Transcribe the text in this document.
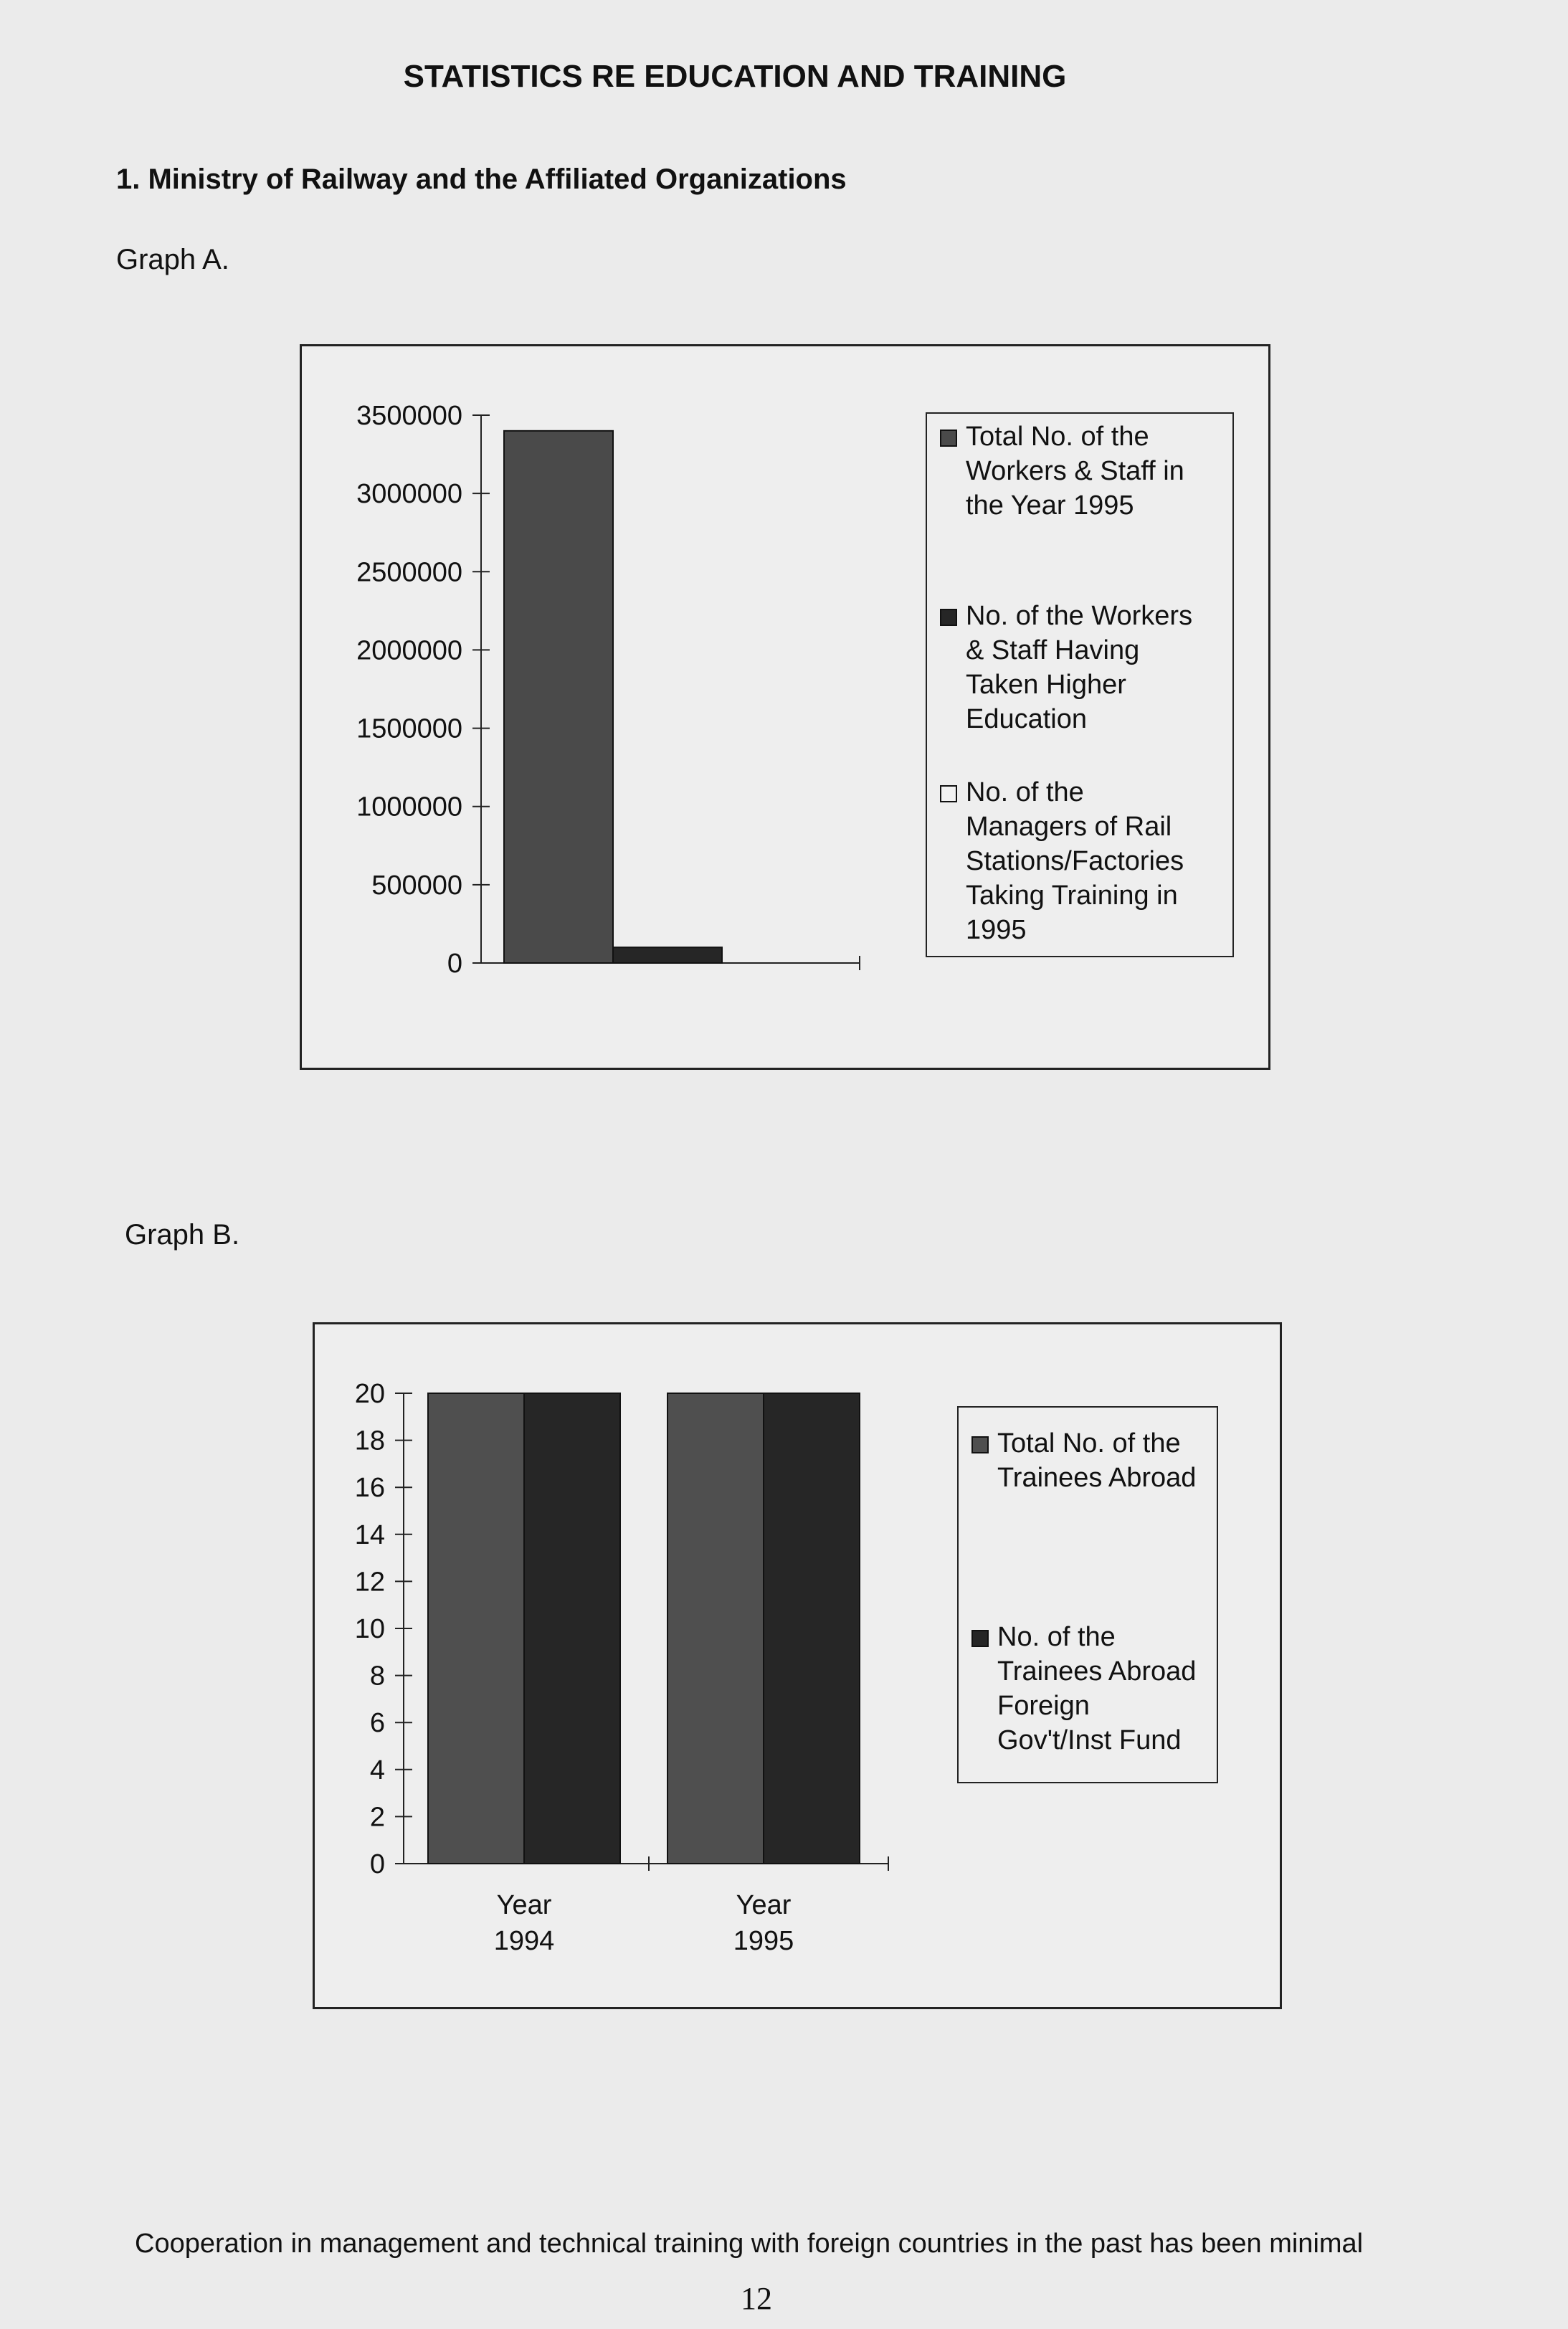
STATISTICS RE EDUCATION AND TRAINING
1. Ministry of Railway and the Affiliated Organizations
Graph A.
3500000
3000000
2500000
2000000
1500000
1000000
500000
0
Total No. of the
Workers & Staff in
the Year 1995
No. of the Workers
& Staff Having
Taken Higher
Education
No. of the
Managers of Rail
Stations/Factories
Taking Training in
1995
Graph B.
20
18
16
14
12
10
8
6
4
2
0
Year
1994
Year
1995
Total No. of the
Trainees Abroad
No. of the
Trainees Abroad
Foreign
Gov't/Inst Fund
Cooperation in management and technical training with foreign countries in the past has been minimal
12
